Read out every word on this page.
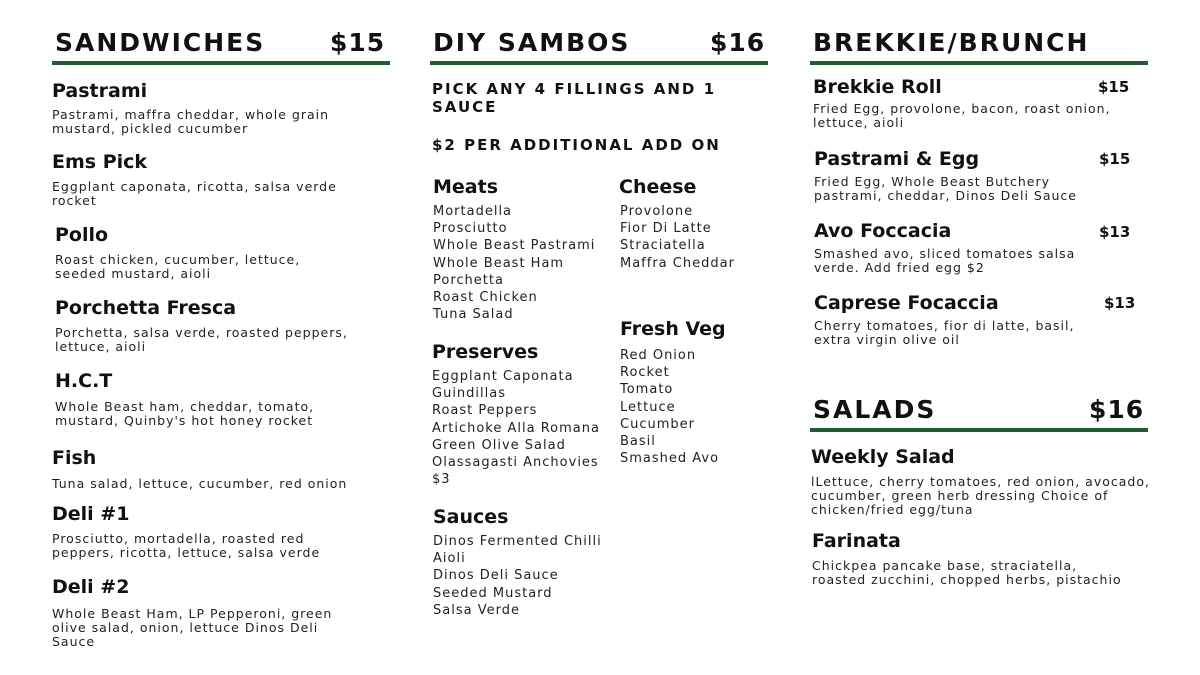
SANDWICHES	$15
Pastrami
Pastrami, maffra cheddar, whole grain mustard, pickled cucumber
Ems Pick
Eggplant caponata, ricotta, salsa verde rocket
Pollo
Roast chicken, cucumber, lettuce, seeded mustard, aioli
Porchetta Fresca
Porchetta, salsa verde, roasted peppers, lettuce, aioli
H.C.T
Whole Beast ham, cheddar, tomato, mustard, Quinby's hot honey rocket
Fish
Tuna salad, lettuce, cucumber, red onion
Deli #1
Prosciutto, mortadella, roasted red peppers, ricotta, lettuce, salsa verde
Deli #2
Whole Beast Ham, LP Pepperoni, green olive salad, onion, lettuce Dinos Deli Sauce
DIY SAMBOS	$16
PICK ANY 4 FILLINGS AND 1 SAUCE
$2 PER ADDITIONAL ADD ON
Meats
Mortadella
Prosciutto
Whole Beast Pastrami
Whole Beast Ham
Porchetta
Roast Chicken
Tuna Salad
Cheese
Provolone
Fior Di Latte
Straciatella
Maffra Cheddar
Fresh Veg
Red Onion
Rocket
Tomato
Lettuce
Cucumber
Basil
Smashed Avo
Preserves
Eggplant Caponata
Guindillas
Roast Peppers
Artichoke Alla Romana
Green Olive Salad
Olassagasti Anchovies
$3
Sauces
Dinos Fermented Chilli
Aioli
Dinos Deli Sauce
Seeded Mustard
Salsa Verde
BREKKIE/BRUNCH
Brekkie Roll	$15
Fried Egg, provolone, bacon, roast onion, lettuce, aioli
Pastrami & Egg	$15
Fried Egg, Whole Beast Butchery pastrami, cheddar, Dinos Deli Sauce
Avo Foccacia	$13
Smashed avo, sliced tomatoes salsa verde. Add fried egg $2
Caprese Focaccia	$13
Cherry tomatoes, fior di latte, basil, extra virgin olive oil
SALADS	$16
Weekly Salad
lLettuce, cherry tomatoes, red onion, avocado, cucumber, green herb dressing Choice of chicken/fried egg/tuna
Farinata
Chickpea pancake base, straciatella, roasted zucchini, chopped herbs, pistachio
